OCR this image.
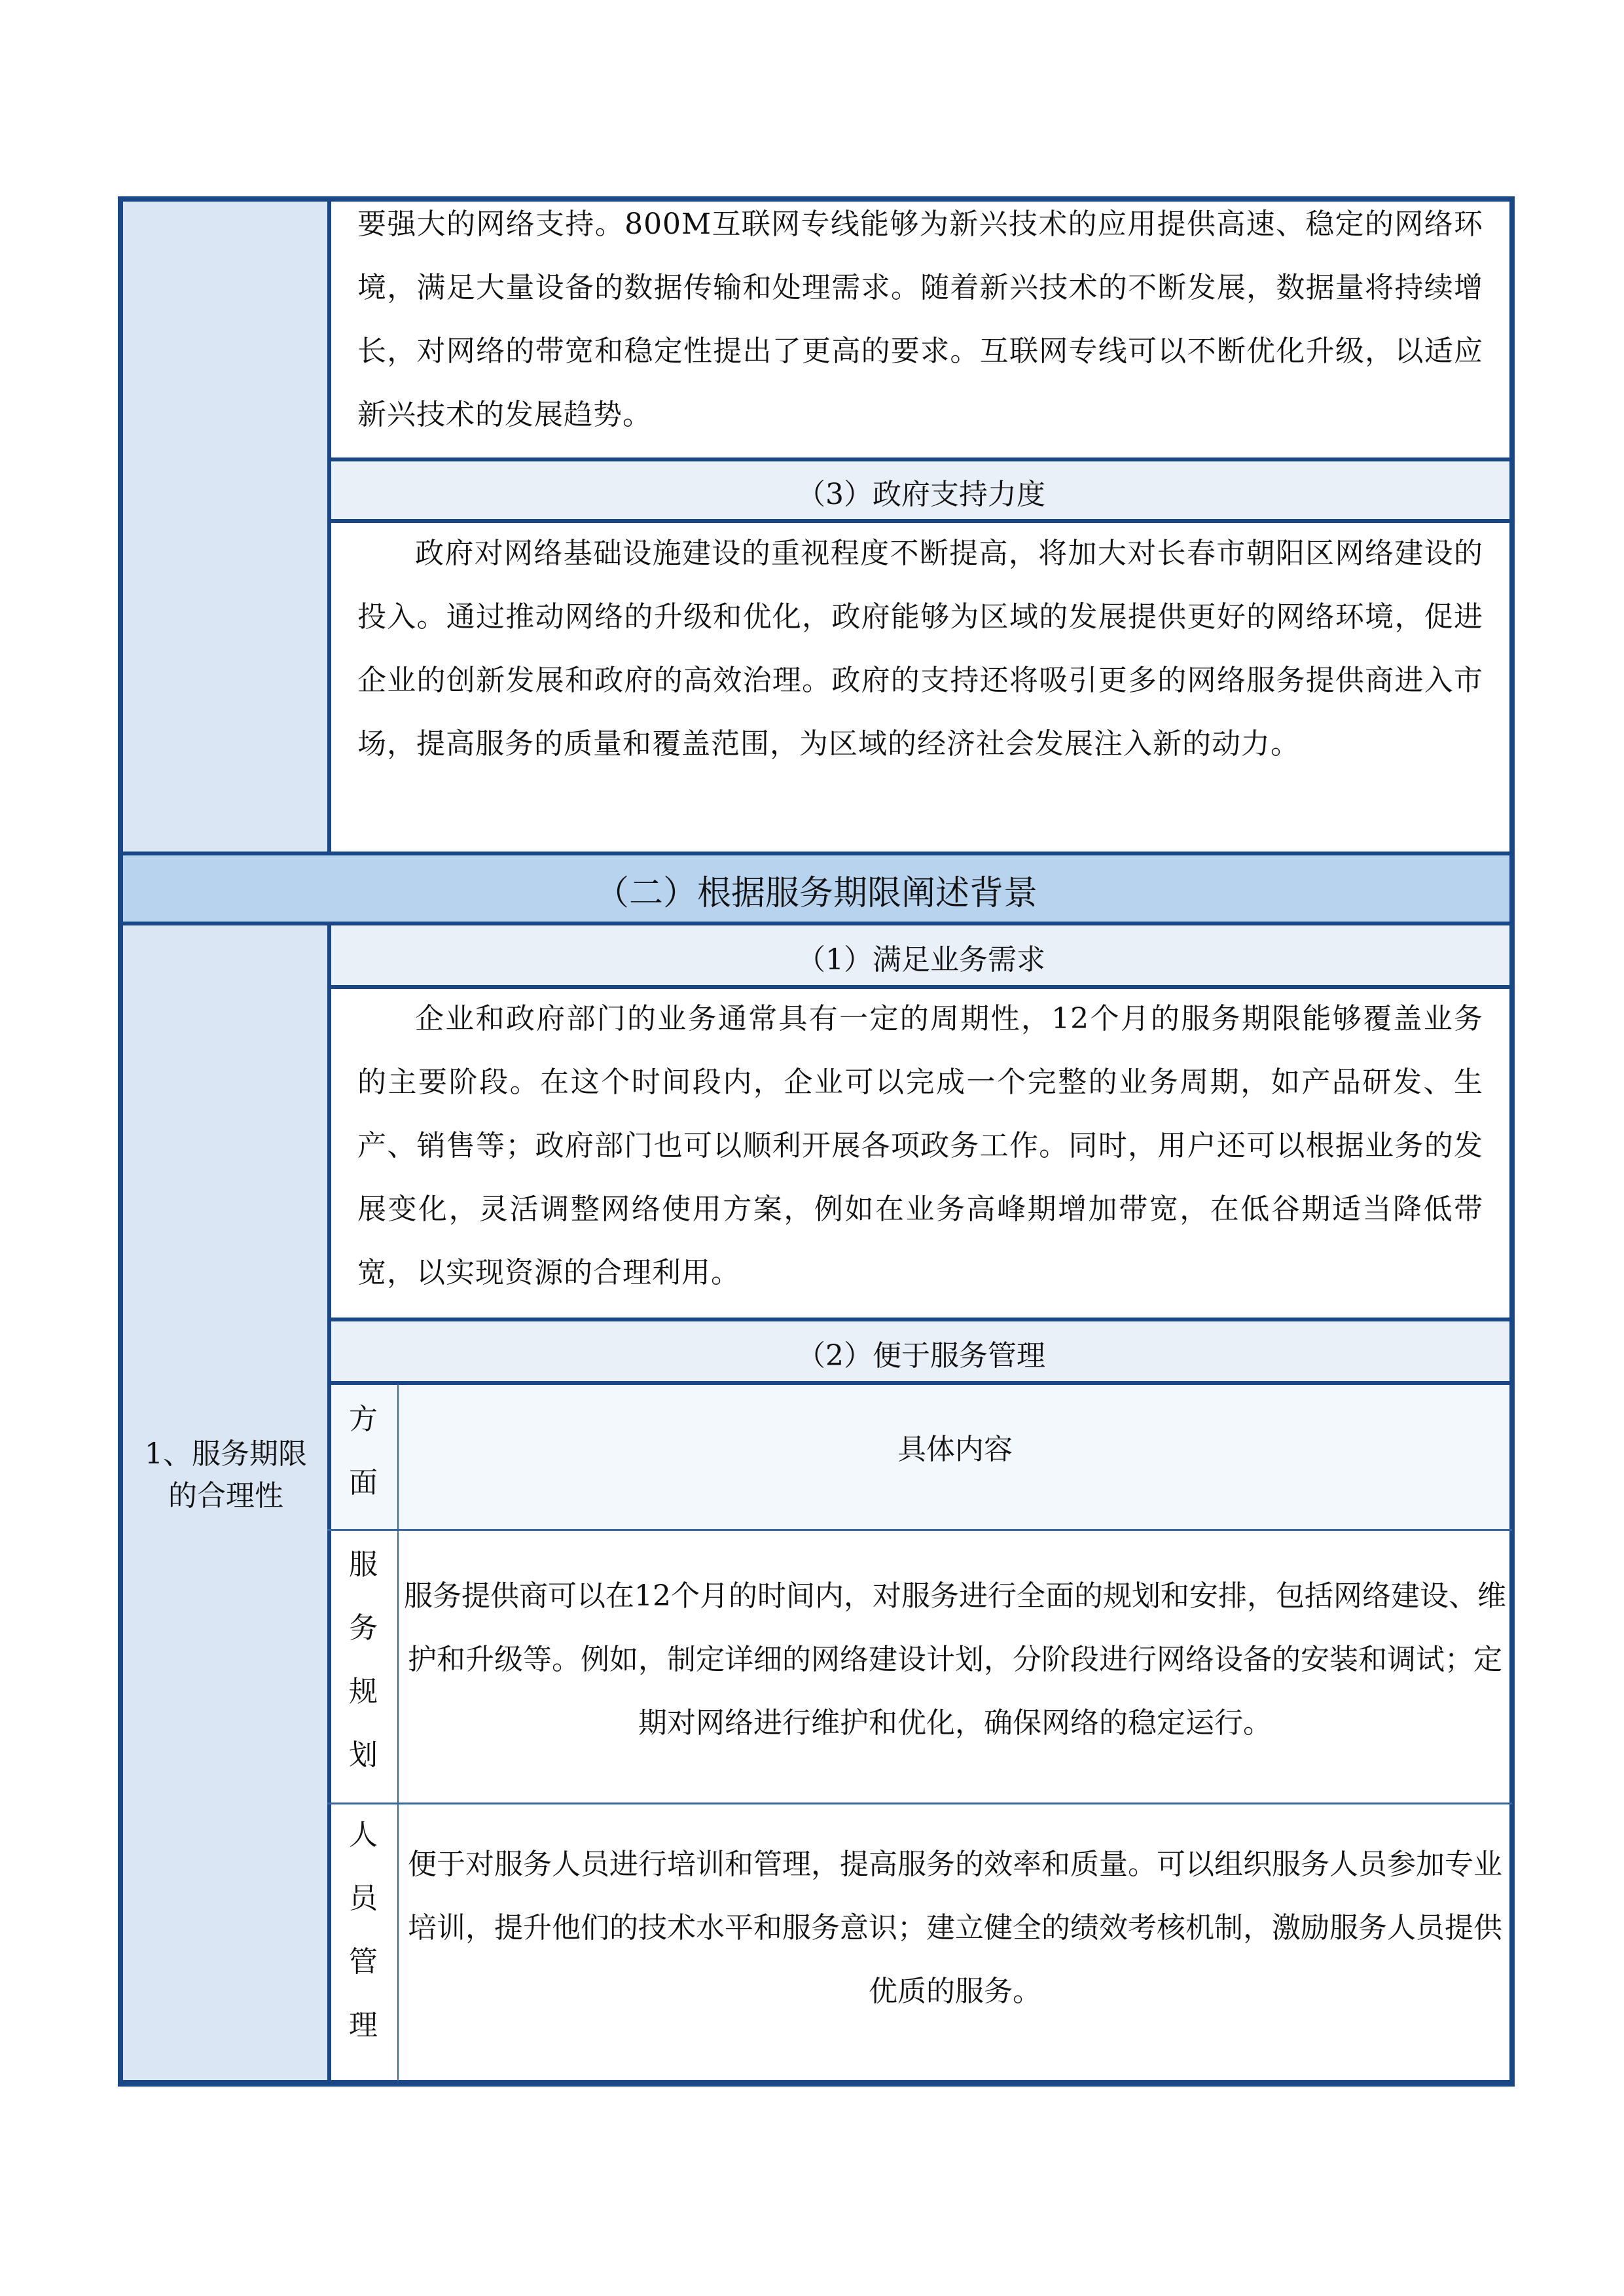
要强大的网络支持。800M互联网专线能够为新兴技术的应用提供高速、稳定的网络环境，满足大量设备的数据传输和处理需求。随着新兴技术的不断发展，数据量将持续增长，对网络的带宽和稳定性提出了更高的要求。互联网专线可以不断优化升级，以适应新兴技术的发展趋势。
（3）政府支持力度
政府对网络基础设施建设的重视程度不断提高，将加大对长春市朝阳区网络建设的投入。通过推动网络的升级和优化，政府能够为区域的发展提供更好的网络环境，促进企业的创新发展和政府的高效治理。政府的支持还将吸引更多的网络服务提供商进入市场，提高服务的质量和覆盖范围，为区域的经济社会发展注入新的动力。
（二）根据服务期限阐述背景
1、服务期限的合理性
（1）满足业务需求
企业和政府部门的业务通常具有一定的周期性，12个月的服务期限能够覆盖业务的主要阶段。在这个时间段内，企业可以完成一个完整的业务周期，如产品研发、生产、销售等；政府部门也可以顺利开展各项政务工作。同时，用户还可以根据业务的发展变化，灵活调整网络使用方案，例如在业务高峰期增加带宽，在低谷期适当降低带宽，以实现资源的合理利用。
（2）便于服务管理
方面
具体内容
服务规划
服务提供商可以在12个月的时间内，对服务进行全面的规划和安排，包括网络建设、维护和升级等。例如，制定详细的网络建设计划，分阶段进行网络设备的安装和调试；定期对网络进行维护和优化，确保网络的稳定运行。
人员管理
便于对服务人员进行培训和管理，提高服务的效率和质量。可以组织服务人员参加专业培训，提升他们的技术水平和服务意识；建立健全的绩效考核机制，激励服务人员提供优质的服务。
